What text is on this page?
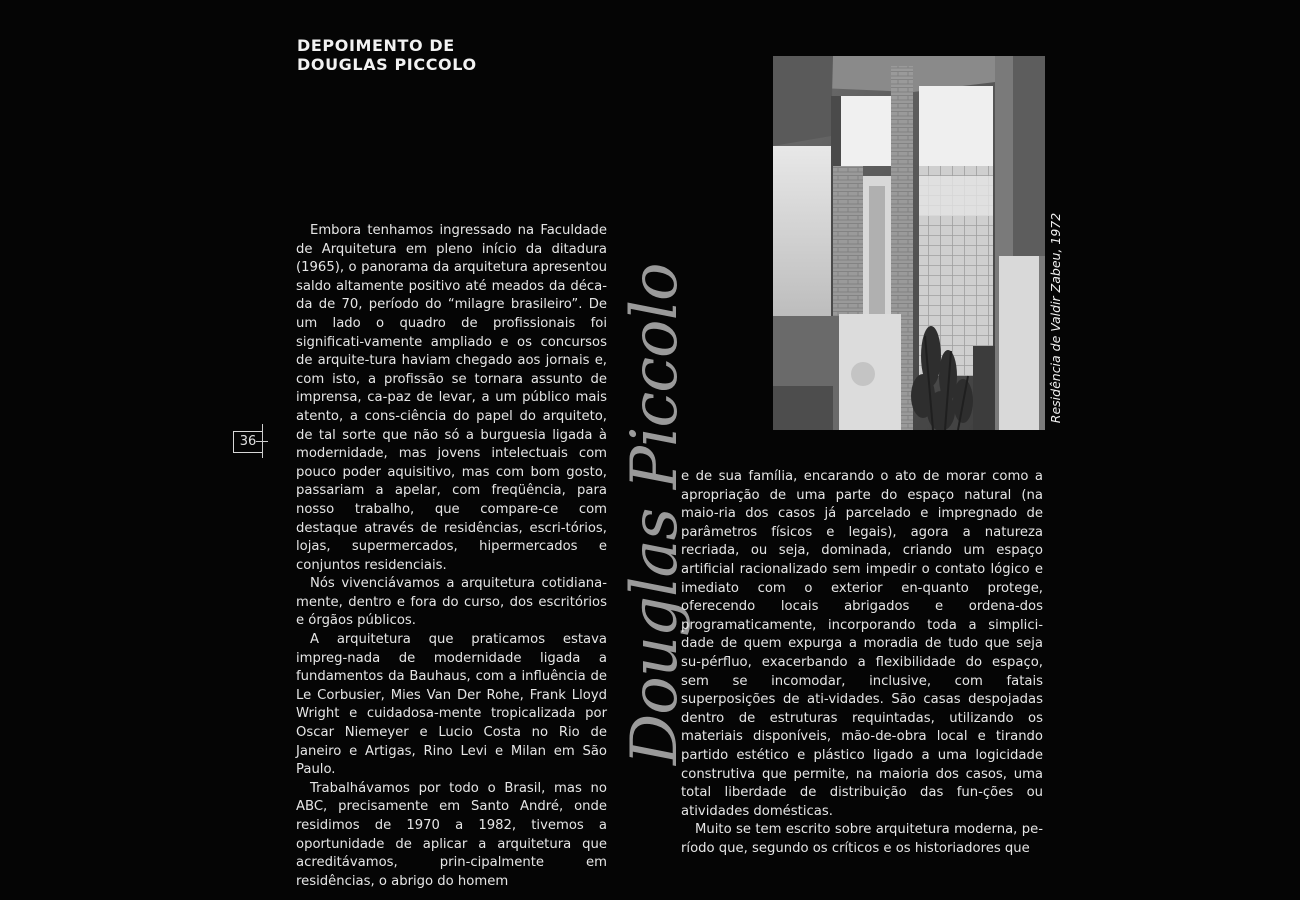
DEPOIMENTO DE
DOUGLAS PICCOLO

Embora tenhamos ingressado na Faculdade de Arquitetura em pleno início da ditadura (1965), o panorama da arquitetura apresentou saldo altamente positivo até meados da déca-da de 70, período do “milagre brasileiro”. De um lado o quadro de profissionais foi significati-vamente ampliado e os concursos de arquite-tura haviam chegado aos jornais e, com isto, a profissão se tornara assunto de imprensa, ca-paz de levar, a um público mais atento, a cons-ciência do papel do arquiteto, de tal sorte que não só a burguesia ligada à modernidade, mas jovens intelectuais com pouco poder aquisitivo, mas com bom gosto, passariam a apelar, com freqüência, para nosso trabalho, que compare-ce com destaque através de residências, escri-tórios, lojas, supermercados, hipermercados e conjuntos residenciais.

Nós vivenciávamos a arquitetura cotidiana-mente, dentro e fora do curso, dos escritórios e órgãos públicos.

A arquitetura que praticamos estava impreg-nada de modernidade ligada a fundamentos da Bauhaus, com a influência de Le Corbusier, Mies Van Der Rohe, Frank Lloyd Wright e cuidadosa-mente tropicalizada por Oscar Niemeyer e Lucio Costa no Rio de Janeiro e Artigas, Rino Levi e Milan em São Paulo.

Trabalhávamos por todo o Brasil, mas no ABC, precisamente em Santo André, onde residimos de 1970 a 1982, tivemos a oportunidade de aplicar a arquitetura que acreditávamos, prin-cipalmente em residências, o abrigo do homem

36	Douglas Piccolo	Residência de Valdir Zabeu, 1972

e de sua família, encarando o ato de morar como a apropriação de uma parte do espaço natural (na maio-ria dos casos já parcelado e impregnado de parâmetros físicos e legais), agora a natureza recriada, ou seja, dominada, criando um espaço artificial racionalizado sem impedir o contato lógico e imediato com o exterior en-quanto protege, oferecendo locais abrigados e ordena-dos programaticamente, incorporando toda a simplici-dade de quem expurga a moradia de tudo que seja su-pérfluo, exacerbando a flexibilidade do espaço, sem se incomodar, inclusive, com fatais superposições de ati-vidades. São casas despojadas dentro de estruturas requintadas, utilizando os materiais disponíveis, mão-de-obra local e tirando partido estético e plástico ligado a uma logicidade construtiva que permite, na maioria dos casos, uma total liberdade de distribuição das fun-ções ou atividades domésticas.

Muito se tem escrito sobre arquitetura moderna, pe-ríodo que, segundo os críticos e os historiadores que
